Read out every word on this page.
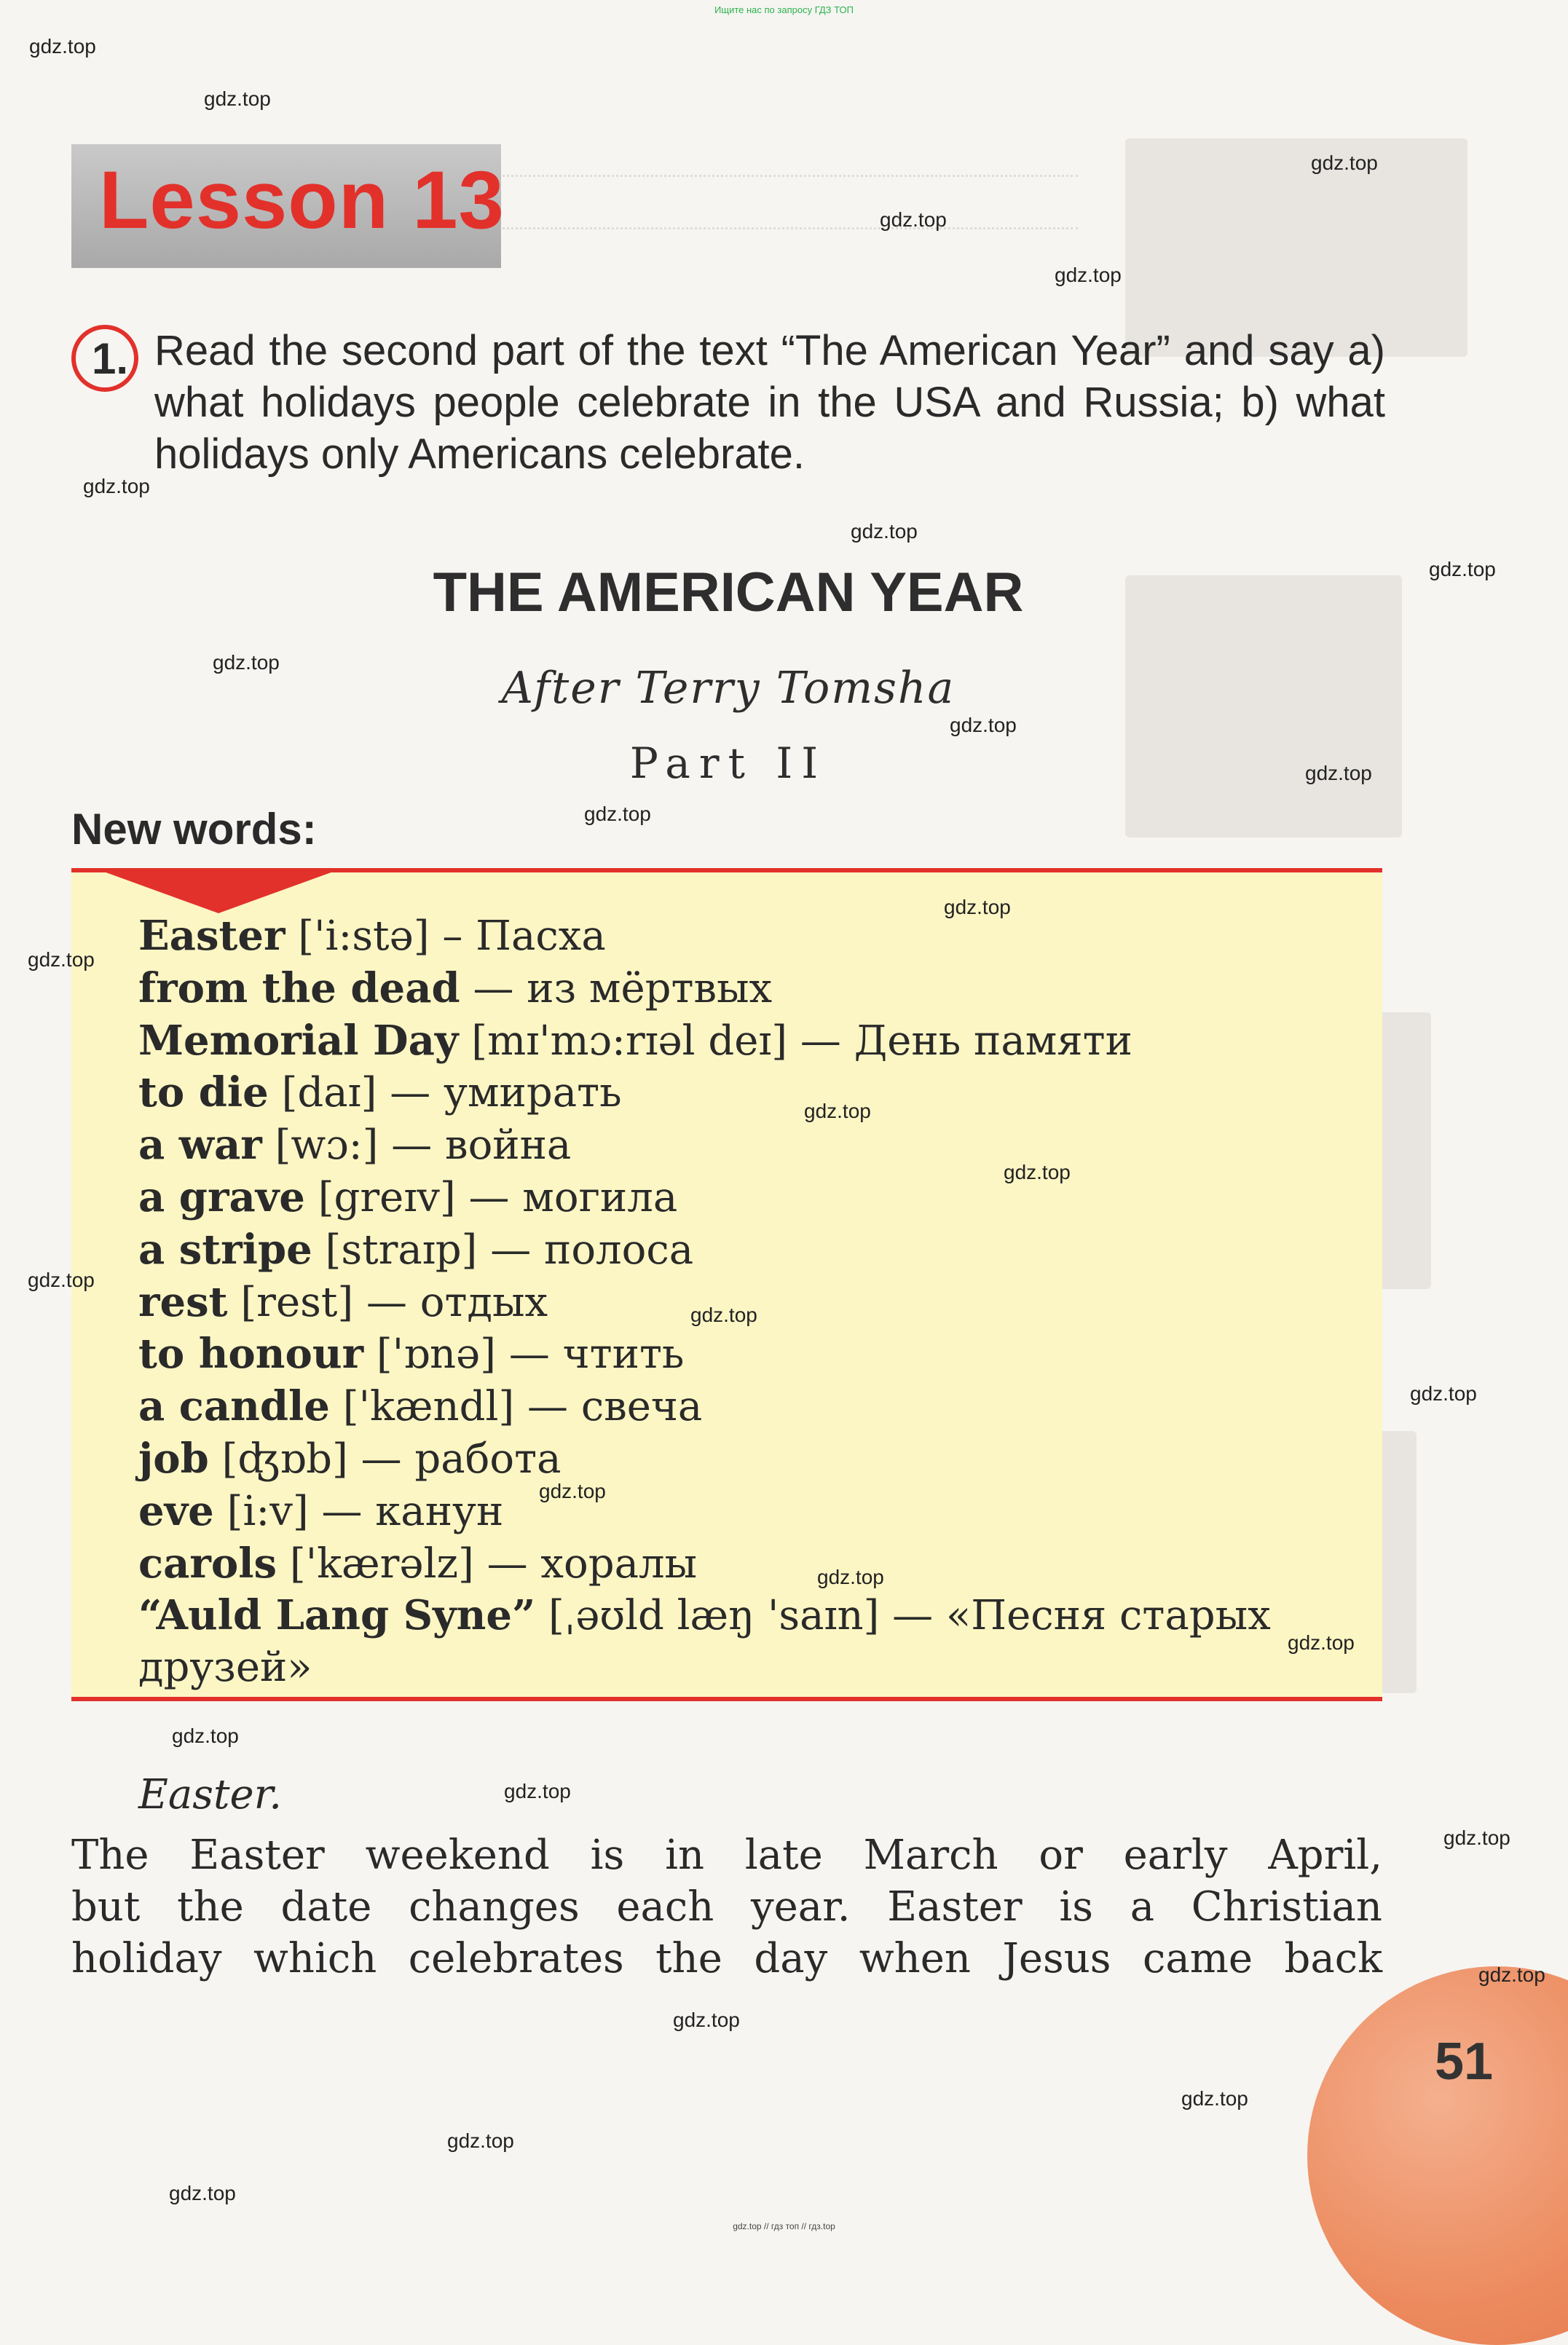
Ищите нас по запросу ГДЗ ТОП
Lesson 13
1. Read the second part of the text “The American Year” and say a) what holidays people celebrate in the USA and Russia; b) what holidays only Americans celebrate.
THE AMERICAN YEAR
After Terry Tomsha
Part II
New words:
Easter ['i:stə] – Пасха
from the dead — из мёртвых
Memorial Day [mɪ'mɔ:rɪəl deɪ] — День памяти
to die [daɪ] — умирать
a war [wɔ:] — война
a grave [greɪv] — могила
a stripe [straɪp] — полоса
rest [rest] — отдых
to honour ['ɒnə] — чтить
a candle ['kændl] — свеча
job [ʤɒb] — работа
eve [i:v] — канун
carols ['kærəlz] — хоралы
“Auld Lang Syne” [ˌəʊld læŋ 'saɪn] — «Песня старых друзей»
Easter.
The Easter weekend is in late March or early April,
but the date changes each year. Easter is a Christian
holiday which celebrates the day when Jesus came back
51
gdz.top
gdz.top
gdz.top
gdz.top
gdz.top
gdz.top
gdz.top
gdz.top
gdz.top
gdz.top
gdz.top
gdz.top
gdz.top
gdz.top
gdz.top
gdz.top
gdz.top
gdz.top
gdz.top
gdz.top
gdz.top
gdz.top
gdz.top
gdz.top
gdz.top
gdz.top
gdz.top
gdz.top
gdz.top
gdz.top
gdz.top // гдз топ // гдз.top
